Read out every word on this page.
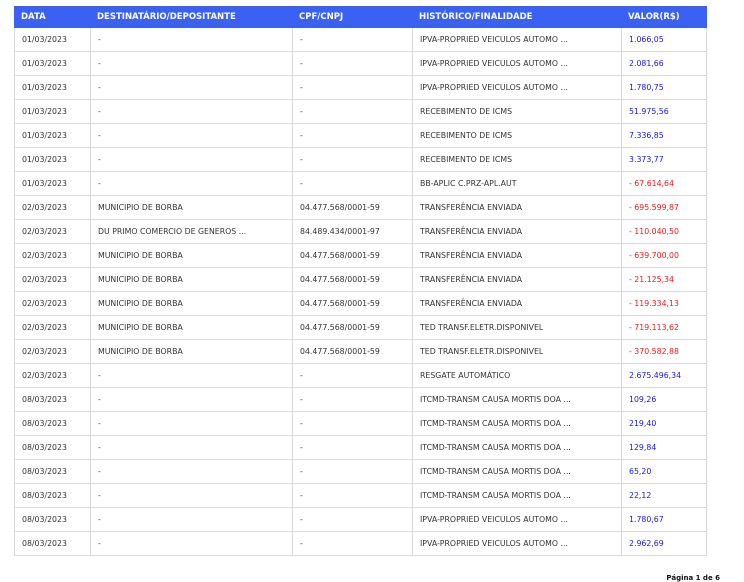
DATA	DESTINATÁRIO/DEPOSITANTE	CPF/CNPJ	HISTÓRICO/FINALIDADE	VALOR(R$)
01/03/2023	-	-	IPVA-PROPRIED VEICULOS AUTOMO ...	1.066,05
01/03/2023	-	-	IPVA-PROPRIED VEICULOS AUTOMO ...	2.081,66
01/03/2023	-	-	IPVA-PROPRIED VEICULOS AUTOMO ...	1.780,75
01/03/2023	-	-	RECEBIMENTO DE ICMS	51.975,56
01/03/2023	-	-	RECEBIMENTO DE ICMS	7.336,85
01/03/2023	-	-	RECEBIMENTO DE ICMS	3.373,77
01/03/2023	-	-	BB-APLIC C.PRZ-APL.AUT	- 67.614,64
02/03/2023	MUNICIPIO DE BORBA	04.477.568/0001-59	TRANSFERÊNCIA ENVIADA	- 695.599,87
02/03/2023	DU PRIMO COMERCIO DE GENEROS ...	84.489.434/0001-97	TRANSFERÊNCIA ENVIADA	- 110.040,50
02/03/2023	MUNICIPIO DE BORBA	04.477.568/0001-59	TRANSFERÊNCIA ENVIADA	- 639.700,00
02/03/2023	MUNICIPIO DE BORBA	04.477.568/0001-59	TRANSFERÊNCIA ENVIADA	- 21.125,34
02/03/2023	MUNICIPIO DE BORBA	04.477.568/0001-59	TRANSFERÊNCIA ENVIADA	- 119.334,13
02/03/2023	MUNICIPIO DE BORBA	04.477.568/0001-59	TED TRANSF.ELETR.DISPONIVEL	- 719.113,62
02/03/2023	MUNICIPIO DE BORBA	04.477.568/0001-59	TED TRANSF.ELETR.DISPONIVEL	- 370.582,88
02/03/2023	-	-	RESGATE AUTOMÁTICO	2.675.496,34
08/03/2023	-	-	ITCMD-TRANSM CAUSA MORTIS DOA ...	109,26
08/03/2023	-	-	ITCMD-TRANSM CAUSA MORTIS DOA ...	219,40
08/03/2023	-	-	ITCMD-TRANSM CAUSA MORTIS DOA ...	129,84
08/03/2023	-	-	ITCMD-TRANSM CAUSA MORTIS DOA ...	65,20
08/03/2023	-	-	ITCMD-TRANSM CAUSA MORTIS DOA ...	22,12
08/03/2023	-	-	IPVA-PROPRIED VEICULOS AUTOMO ...	1.780,67
08/03/2023	-	-	IPVA-PROPRIED VEICULOS AUTOMO ...	2.962,69
Página 1 de 6
